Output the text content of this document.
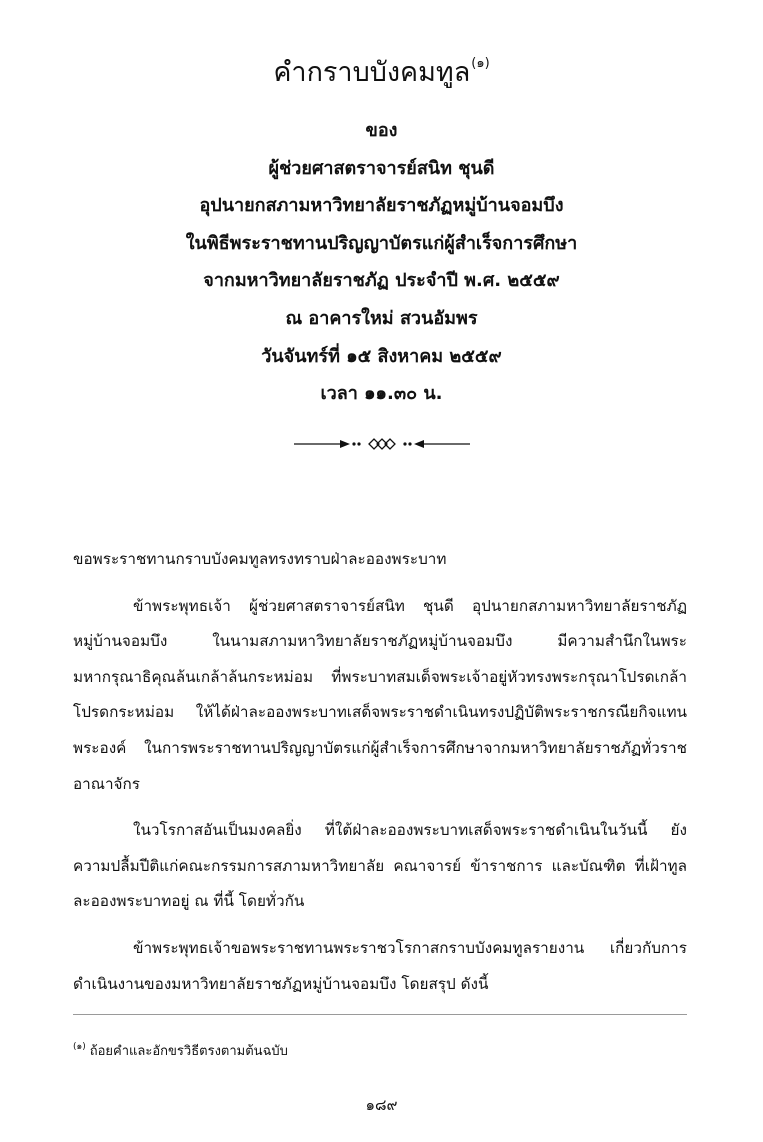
คำกราบบังคมทูล$^{(๑)}$
ของ
ผู้ช่วยศาสตราจารย์สนิท ชุนดี
อุปนายกสภามหาวิทยาลัยราชภัฏหมู่บ้านจอมบึง
ในพิธีพระราชทานปริญญาบัตรแก่ผู้สำเร็จการศึกษา
จากมหาวิทยาลัยราชภัฏ ประจำปี พ.ศ. ๒๕๕๙
ณ อาคารใหม่ สวนอัมพร
วันจันทร์ที่ ๑๕ สิงหาคม ๒๕๕๙
เวลา ๑๑.๓๐ น.

ขอพระราชทานกราบบังคมทูลทรงทราบฝ่าละอองพระบาท

ข้าพระพุทธเจ้า ผู้ช่วยศาสตราจารย์สนิท ชุนดี อุปนายกสภามหาวิทยาลัยราชภัฏหมู่บ้านจอมบึง ในนามสภามหาวิทยาลัยราชภัฏหมู่บ้านจอมบึง มีความสำนึกในพระมหากรุณาธิคุณล้นเกล้าล้นกระหม่อม ที่พระบาทสมเด็จพระเจ้าอยู่หัวทรงพระกรุณาโปรดเกล้าโปรดกระหม่อม ให้ได้ฝ่าละอองพระบาทเสด็จพระราชดำเนินทรงปฏิบัติพระราชกรณียกิจแทนพระองค์ ในการพระราชทานปริญญาบัตรแก่ผู้สำเร็จการศึกษาจากมหาวิทยาลัยราชภัฏทั่วราชอาณาจักร

ในวโรกาสอันเป็นมงคลยิ่ง ที่ใต้ฝ่าละอองพระบาทเสด็จพระราชดำเนินในวันนี้ ยังความปลื้มปีติแก่คณะกรรมการสภามหาวิทยาลัย คณาจารย์ ข้าราชการ และบัณฑิต ที่เฝ้าทูลละอองพระบาทอยู่ ณ ที่นี้ โดยทั่วกัน

ข้าพระพุทธเจ้าขอพระราชทานพระราชวโรกาสกราบบังคมทูลรายงาน เกี่ยวกับการดำเนินงานของมหาวิทยาลัยราชภัฏหมู่บ้านจอมบึง โดยสรุป ดังนี้

$^{(๑)}$ ถ้อยคำและอักขรวิธีตรงตามต้นฉบับ
๑๘๙
